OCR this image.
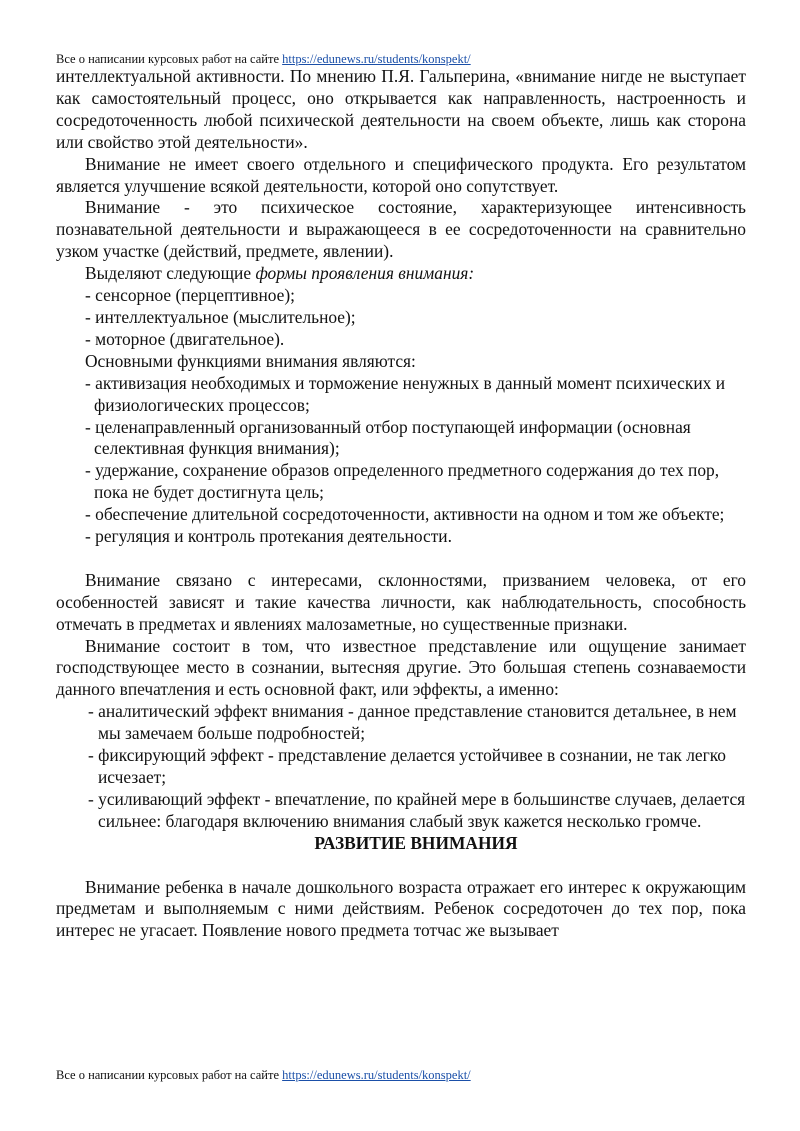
Все о написании курсовых работ на сайте https://edunews.ru/students/konspekt/

интеллектуальной активности. По мнению П.Я. Гальперина, «внимание нигде не выступает как самостоятельный процесс, оно открывается как направленность, настроенность и сосредоточенность любой психической деятельности на своем объекте, лишь как сторона или свойство этой деятельности».

Внимание не имеет своего отдельного и специфического продукта. Его результатом является улучшение всякой деятельности, которой оно сопутствует.

Внимание - это психическое состояние, характеризующее интенсивность познавательной деятельности и выражающееся в ее сосредоточенности на сравнительно узком участке (действий, предмете, явлении).

Выделяют следующие формы проявления внимания:

- сенсорное (перцептивное);

- интеллектуальное (мыслительное);

- моторное (двигательное).

Основными функциями внимания являются:

- активизация необходимых и торможение ненужных в данный момент психических и физиологических процессов;

- целенаправленный организованный отбор поступающей информации (основная селективная функция внимания);

- удержание, сохранение образов определенного предметного содержания до тех пор, пока не будет достигнута цель;

- обеспечение длительной сосредоточенности, активности на одном и том же объекте;

- регуляция и контроль протекания деятельности.

Внимание связано с интересами, склонностями, призванием человека, от его особенностей зависят и такие качества личности, как наблюдательность, способность отмечать в предметах и явлениях малозаметные, но существенные признаки.

Внимание состоит в том, что известное представление или ощущение занимает господствующее место в сознании, вытесняя другие. Это большая степень сознаваемости данного впечатления и есть основной факт, или эффекты, а именно:

- аналитический эффект внимания - данное представление становится детальнее, в нем мы замечаем больше подробностей;

- фиксирующий эффект - представление делается устойчивее в сознании, не так легко исчезает;

- усиливающий эффект - впечатление, по крайней мере в большинстве случаев, делается сильнее: благодаря включению внимания слабый звук кажется несколько громче.

РАЗВИТИЕ ВНИМАНИЯ

Внимание ребенка в начале дошкольного возраста отражает его интерес к окружающим предметам и выполняемым с ними действиям. Ребенок сосредоточен до тех пор, пока интерес не угасает. Появление нового предмета тотчас же вызывает

Все о написании курсовых работ на сайте https://edunews.ru/students/konspekt/
